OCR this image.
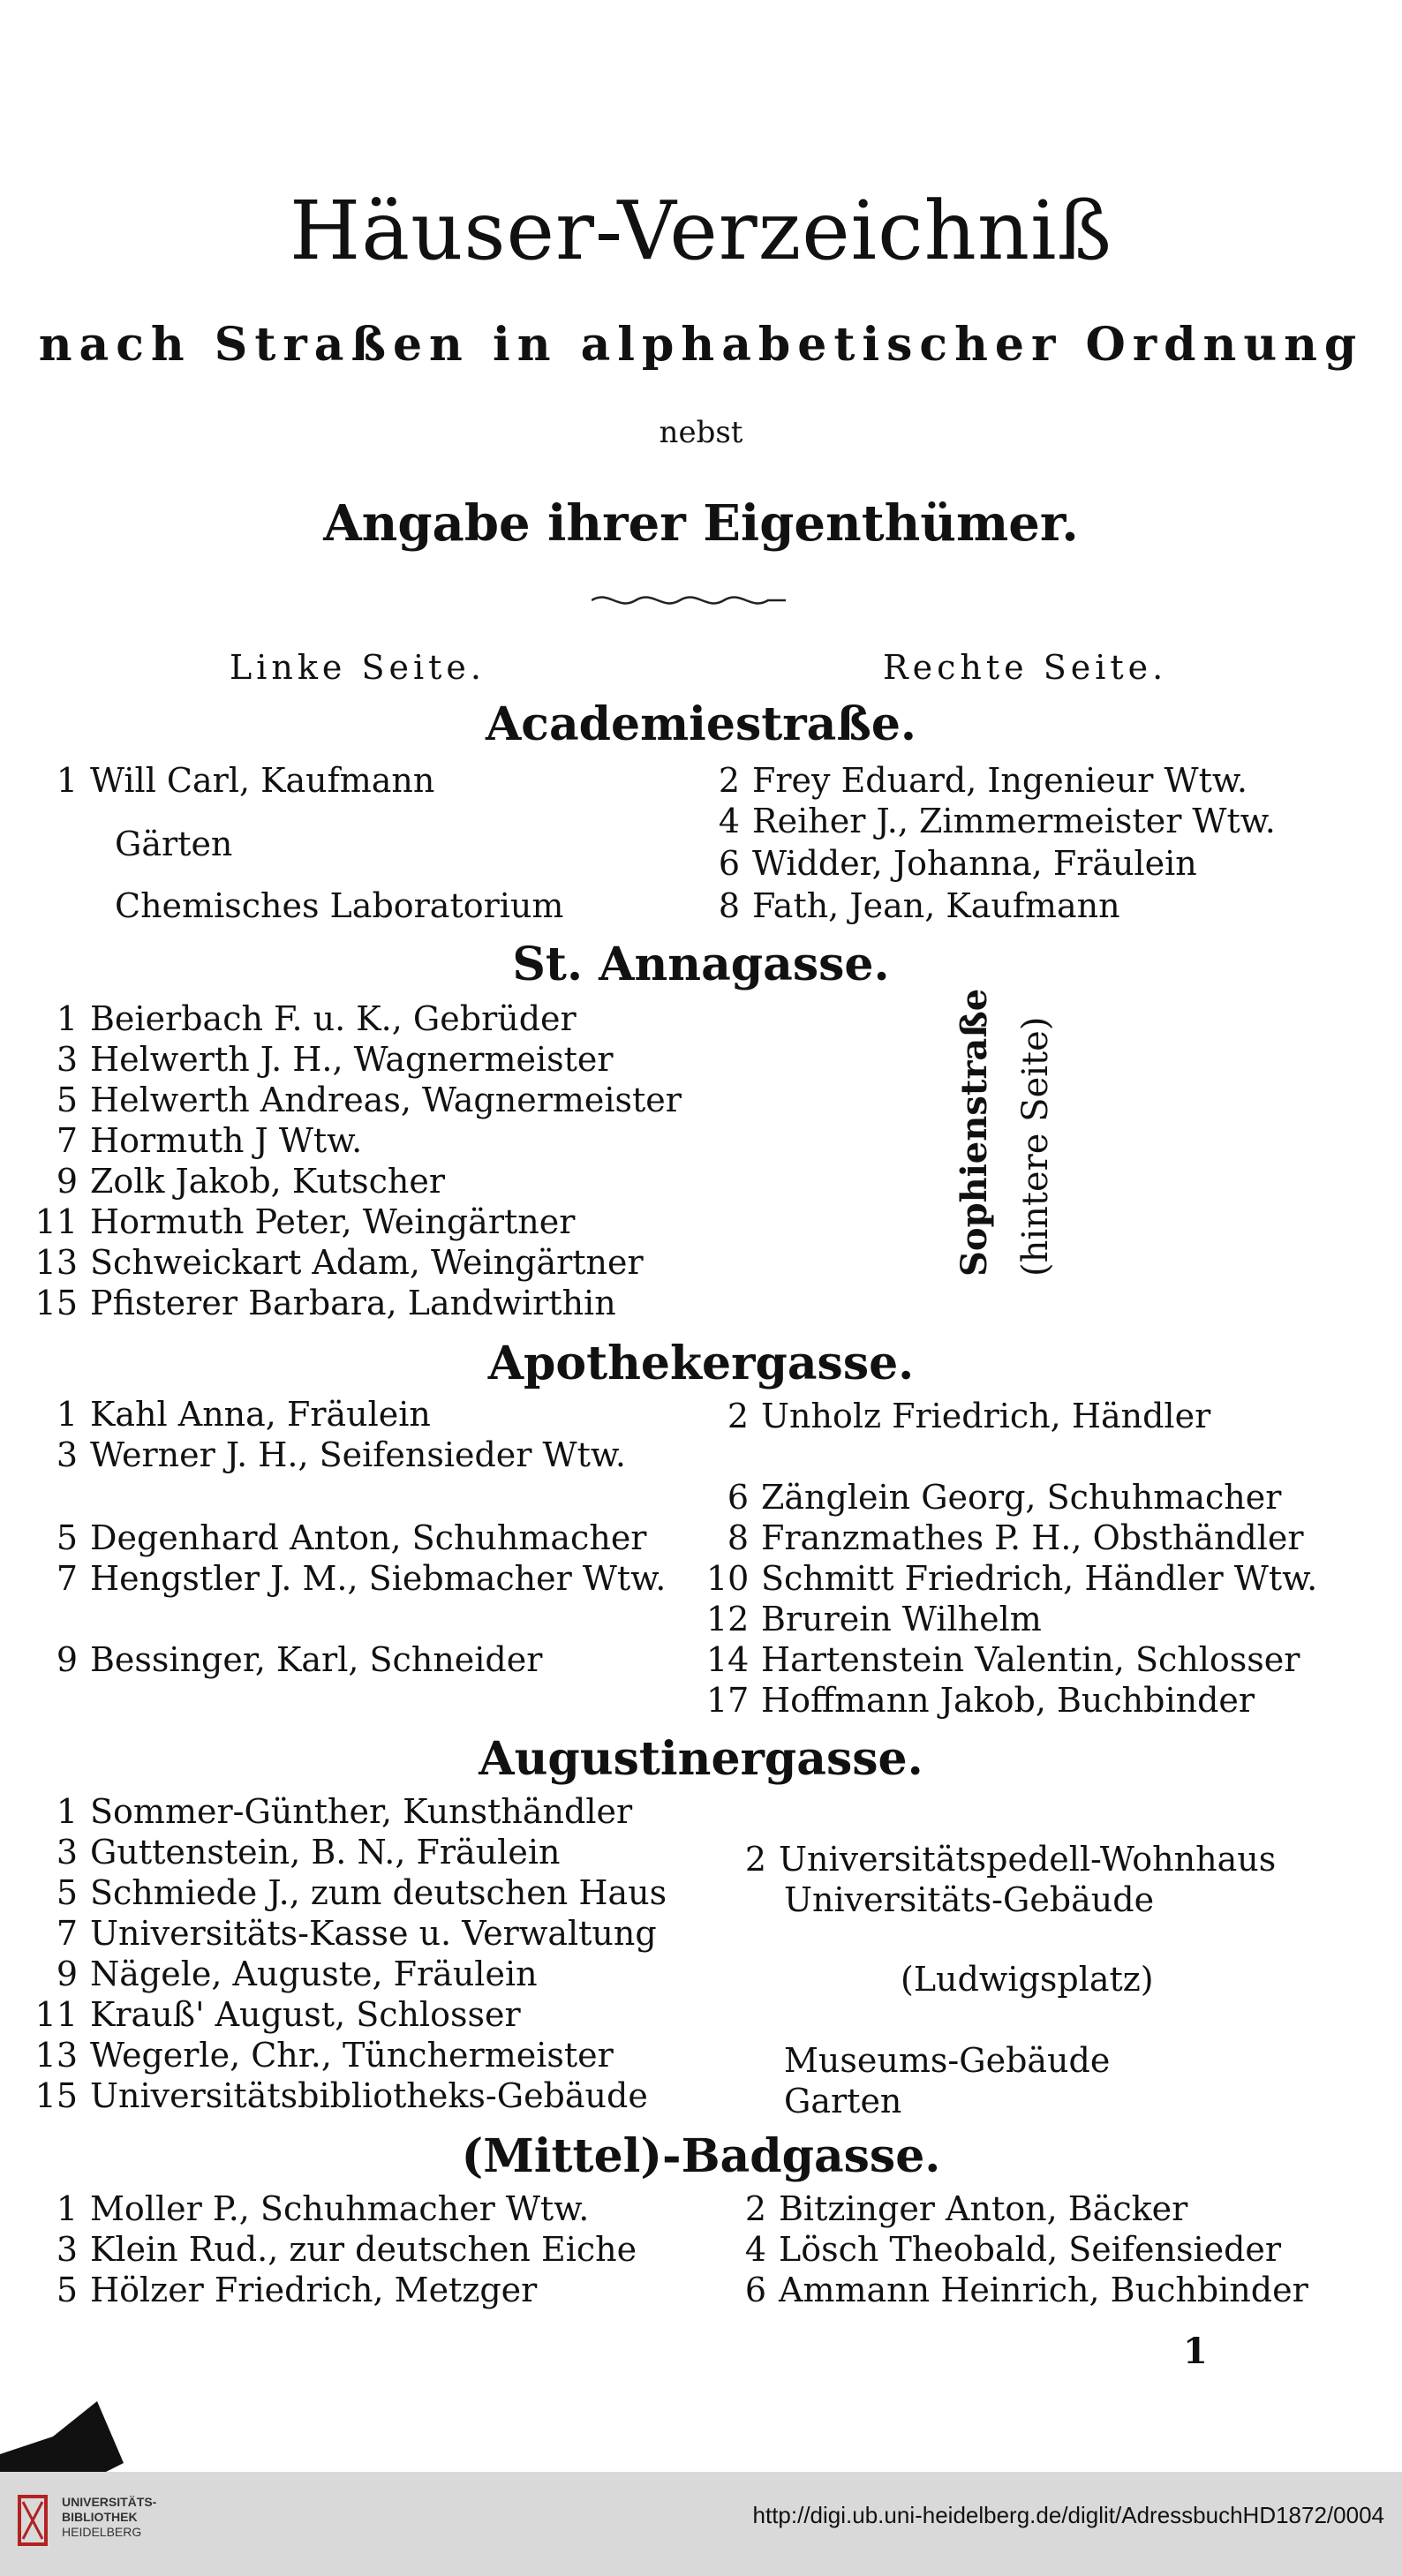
Häuser-Verzeichniß
nach Straßen in alphabetischer Ordnung
nebst
Angabe ihrer Eigenthümer.
Linke Seite.	Rechte Seite.
Academiestraße.
1 Will Carl, Kaufmann
Gärten
Chemisches Laboratorium
2 Frey Eduard, Ingenieur Wtw.
4 Reiher J., Zimmermeister Wtw.
6 Widder, Johanna, Fräulein
8 Fath, Jean, Kaufmann
St. Annagasse.
1 Beierbach F. u. K., Gebrüder
3 Helwerth J. H., Wagnermeister
5 Helwerth Andreas, Wagnermeister
7 Hormuth J Wtw.
9 Zolk Jakob, Kutscher
11 Hormuth Peter, Weingärtner
13 Schweickart Adam, Weingärtner
15 Pfisterer Barbara, Landwirthin
Sophienstraße (hintere Seite)
Apothekergasse.
1 Kahl Anna, Fräulein
3 Werner J. H., Seifensieder Wtw.
5 Degenhard Anton, Schuhmacher
7 Hengstler J. M., Siebmacher Wtw.
9 Bessinger, Karl, Schneider
2 Unholz Friedrich, Händler
6 Zänglein Georg, Schuhmacher
8 Franzmathes P. H., Obsthändler
10 Schmitt Friedrich, Händler Wtw.
12 Brurein Wilhelm
14 Hartenstein Valentin, Schlosser
17 Hoffmann Jakob, Buchbinder
Augustinergasse.
1 Sommer-Günther, Kunsthändler
3 Guttenstein, B. N., Fräulein
5 Schmiede J., zum deutschen Haus
7 Universitäts-Kasse u. Verwaltung
9 Nägele, Auguste, Fräulein
11 Krauß' August, Schlosser
13 Wegerle, Chr., Tünchermeister
15 Universitätsbibliotheks-Gebäude
2 Universitätspedell-Wohnhaus
Universitäts-Gebäude
(Ludwigsplatz)
Museums-Gebäude
Garten
(Mittel)-Badgasse.
1 Moller P., Schuhmacher Wtw.
3 Klein Rud., zur deutschen Eiche
5 Hölzer Friedrich, Metzger
2 Bitzinger Anton, Bäcker
4 Lösch Theobald, Seifensieder
6 Ammann Heinrich, Buchbinder
1
UNIVERSITÄTS-
BIBLIOTHEK
HEIDELBERG
http://digi.ub.uni-heidelberg.de/diglit/AdressbuchHD1872/0004
